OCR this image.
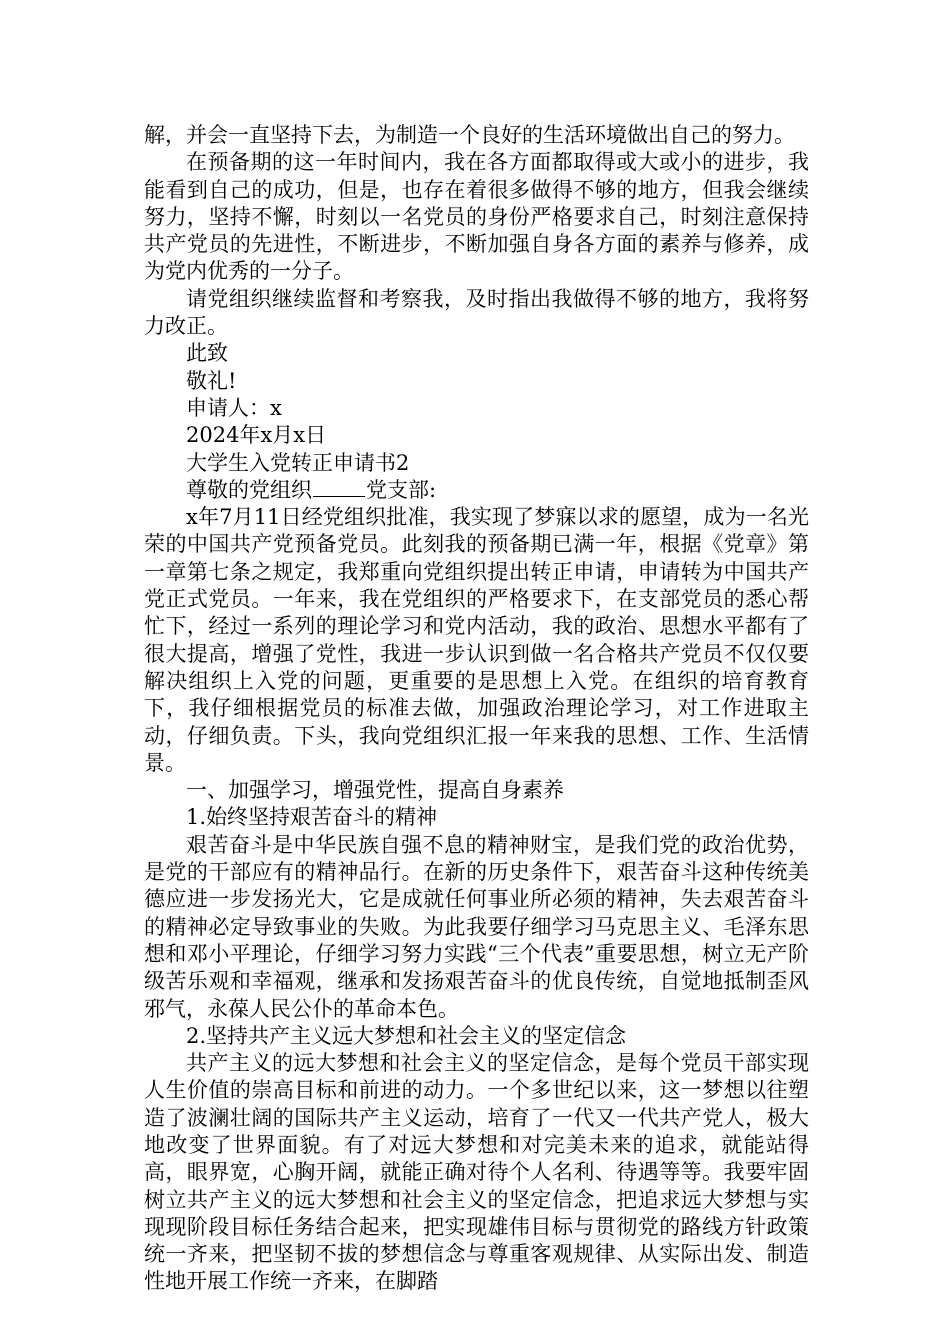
解，并会一直坚持下去，为制造一个良好的生活环境做出自己的努力。

在预备期的这一年时间内，我在各方面都取得或大或小的进步，我能看到自己的成功，但是，也存在着很多做得不够的地方，但我会继续努力，坚持不懈，时刻以一名党员的身份严格要求自己，时刻注意保持共产党员的先进性，不断进步，不断加强自身各方面的素养与修养，成为党内优秀的一分子。

请党组织继续监督和考察我，及时指出我做得不够的地方，我将努力改正。

此致

敬礼!

申请人：x

2024年x月x日

大学生入党转正申请书2

尊敬的党组织	党支部:

x年7月11日经党组织批准，我实现了梦寐以求的愿望，成为一名光荣的中国共产党预备党员。此刻我的预备期已满一年，根据《党章》第一章第七条之规定，我郑重向党组织提出转正申请，申请转为中国共产党正式党员。一年来，我在党组织的严格要求下，在支部党员的悉心帮忙下，经过一系列的理论学习和党内活动，我的政治、思想水平都有了很大提高，增强了党性，我进一步认识到做一名合格共产党员不仅仅要解决组织上入党的问题，更重要的是思想上入党。在组织的培育教育下，我仔细根据党员的标准去做，加强政治理论学习，对工作进取主动，仔细负责。下头，我向党组织汇报一年来我的思想、工作、生活情景。

一、加强学习，增强党性，提高自身素养

1.始终坚持艰苦奋斗的精神

艰苦奋斗是中华民族自强不息的精神财宝，是我们党的政治优势，是党的干部应有的精神品行。在新的历史条件下，艰苦奋斗这种传统美德应进一步发扬光大，它是成就任何事业所必须的精神，失去艰苦奋斗的精神必定导致事业的失败。为此我要仔细学习马克思主义、毛泽东思想和邓小平理论，仔细学习努力实践“三个代表”重要思想，树立无产阶级苦乐观和幸福观，继承和发扬艰苦奋斗的优良传统，自觉地抵制歪风邪气，永葆人民公仆的革命本色。

2.坚持共产主义远大梦想和社会主义的坚定信念

共产主义的远大梦想和社会主义的坚定信念，是每个党员干部实现人生价值的崇高目标和前进的动力。一个多世纪以来，这一梦想以往塑造了波澜壮阔的国际共产主义运动，培育了一代又一代共产党人，极大地改变了世界面貌。有了对远大梦想和对完美未来的追求，就能站得高，眼界宽，心胸开阔，就能正确对待个人名利、待遇等等。我要牢固树立共产主义的远大梦想和社会主义的坚定信念，把追求远大梦想与实现现阶段目标任务结合起来，把实现雄伟目标与贯彻党的路线方针政策统一齐来，把坚韧不拔的梦想信念与尊重客观规律、从实际出发、制造性地开展工作统一齐来，在脚踏
